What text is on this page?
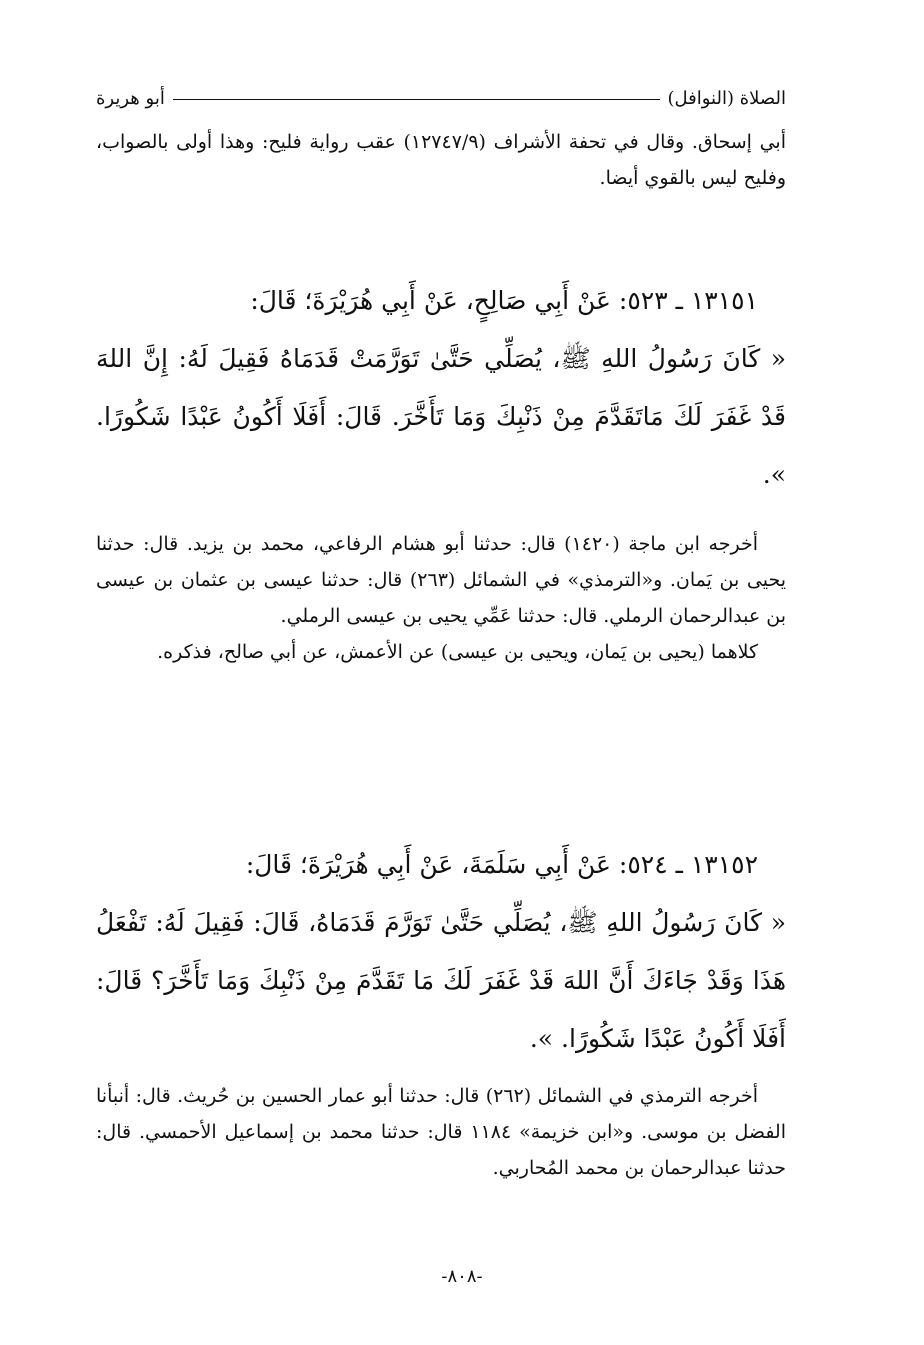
الصلاة (النوافل)
أبو هريرة

أبي إسحاق. وقال في تحفة الأشراف (١٢٧٤٧/٩) عقب رواية فليح: وهذا أولى بالصواب، وفليح ليس بالقوي أيضا.

١٣١٥١ ـ ٥٢٣: عَنْ أَبِي صَالِحٍ، عَنْ أَبِي هُرَيْرَةَ؛ قَالَ:

« كَانَ رَسُولُ اللهِ ﷺ، يُصَلِّي حَتَّىٰ تَوَرَّمَتْ قَدَمَاهُ فَقِيلَ لَهُ: إِنَّ اللهَ قَدْ غَفَرَ لَكَ مَاتَقَدَّمَ مِنْ ذَنْبِكَ وَمَا تَأَخَّرَ. قَالَ: أَفَلَا أَكُونُ عَبْدًا شَكُورًا. ».

أخرجه ابن ماجة (١٤٢٠) قال: حدثنا أبو هشام الرفاعي، محمد بن يزيد. قال: حدثنا يحيى بن يَمان. و«الترمذي» في الشمائل (٢٦٣) قال: حدثنا عيسى بن عثمان بن عيسى بن عبدالرحمان الرملي. قال: حدثنا عَمِّي يحيى بن عيسى الرملي.

كلاهما (يحيى بن يَمان، ويحيى بن عيسى) عن الأعمش، عن أبي صالح، فذكره.

١٣١٥٢ ـ ٥٢٤: عَنْ أَبِي سَلَمَةَ، عَنْ أَبِي هُرَيْرَةَ؛ قَالَ:

« كَانَ رَسُولُ اللهِ ﷺ، يُصَلِّي حَتَّىٰ تَوَرَّمَ قَدَمَاهُ، قَالَ: فَقِيلَ لَهُ: تَفْعَلُ هَذَا وَقَدْ جَاءَكَ أَنَّ اللهَ قَدْ غَفَرَ لَكَ مَا تَقَدَّمَ مِنْ ذَنْبِكَ وَمَا تَأَخَّرَ؟ قَالَ: أَفَلَا أَكُونُ عَبْدًا شَكُورًا. ».

أخرجه الترمذي في الشمائل (٢٦٢) قال: حدثنا أبو عمار الحسين بن حُريث. قال: أنبأنا الفضل بن موسى. و«ابن خزيمة» ١١٨٤ قال: حدثنا محمد بن إسماعيل الأحمسي. قال: حدثنا عبدالرحمان بن محمد المُحاربي.

-٨٠٨-
